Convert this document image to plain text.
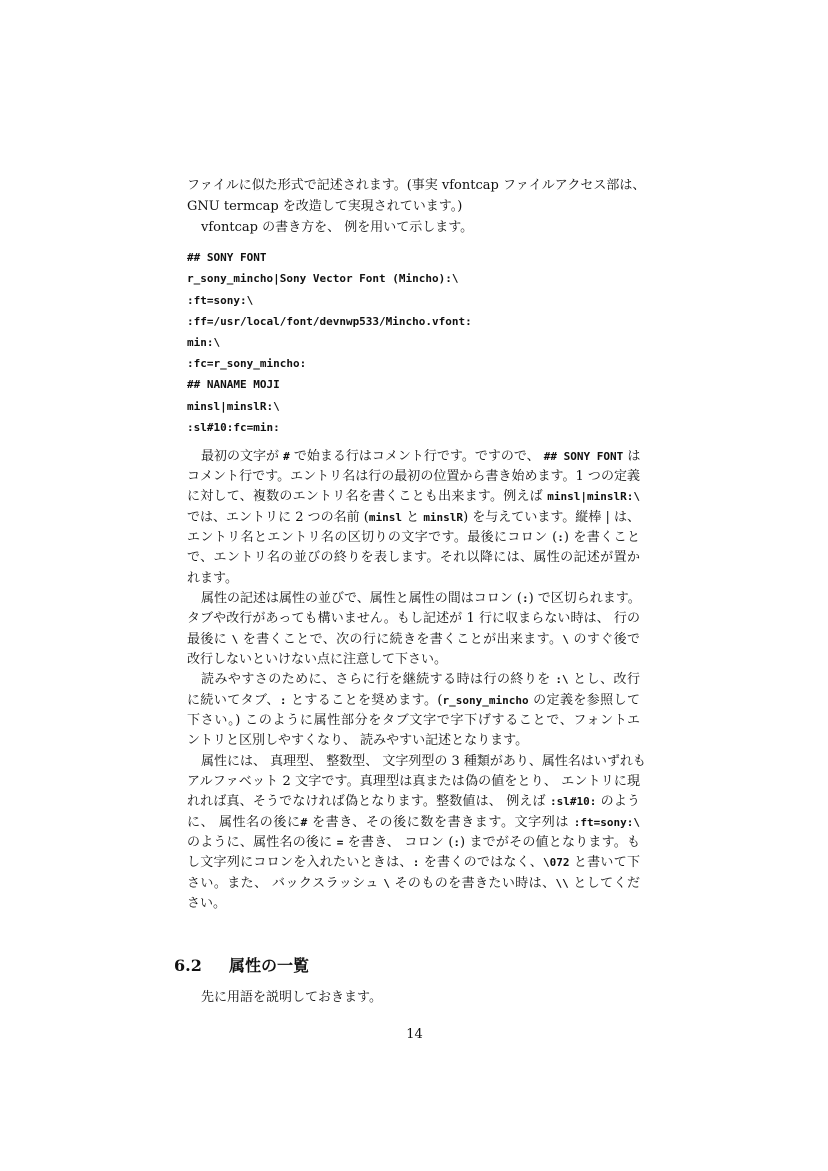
ファイルに似た形式で記述されます。(事実 vfontcap ファイルアクセス部は、
GNU termcap を改造して実現されています。)
vfontcap の書き方を、 例を用いて示します。
## SONY FONT
r_sony_mincho|Sony Vector Font (Mincho):\
:ft=sony:\
:ff=/usr/local/font/devnwp533/Mincho.vfont:
min:\
:fc=r_sony_mincho:
## NANAME MOJI
minsl|minslR:\
:sl#10:fc=min:
最初の文字が # で始まる行はコメント行です。ですので、 ## SONY FONT は
コメント行です。エントリ名は行の最初の位置から書き始めます。1 つの定義
に対して、複数のエントリ名を書くことも出来ます。例えば minsl|minslR:\
では、エントリに 2 つの名前 (minsl と minslR) を与えています。縦棒 | は、
エントリ名とエントリ名の区切りの文字です。最後にコロン (:) を書くこと
で、エントリ名の並びの終りを表します。それ以降には、属性の記述が置か
れます。
属性の記述は属性の並びで、属性と属性の間はコロン (:) で区切られます。
タブや改行があっても構いません。もし記述が 1 行に収まらない時は、 行の
最後に \ を書くことで、次の行に続きを書くことが出来ます。\ のすぐ後で
改行しないといけない点に注意して下さい。
読みやすさのために、さらに行を継続する時は行の終りを :\ とし、改行
に続いてタブ、: とすることを奨めます。(r_sony_mincho の定義を参照して
下さい。) このように属性部分をタブ文字で字下げすることで、フォントエ
ントリと区別しやすくなり、 読みやすい記述となります。
属性には、 真理型、 整数型、 文字列型の 3 種類があり、属性名はいずれも
アルファベット 2 文字です。真理型は真または偽の値をとり、 エントリに現
れれば真、そうでなければ偽となります。整数値は、 例えば :sl#10: のよう
に、 属性名の後に# を書き、その後に数を書きます。文字列は :ft=sony:\
のように、属性名の後に = を書き、 コロン (:) までがその値となります。も
し文字列にコロンを入れたいときは、: を書くのではなく、\072 と書いて下
さい。また、 バックスラッシュ \ そのものを書きたい時は、\\ としてくだ
さい。
6.2 属性の一覧
先に用語を説明しておきます。
14
